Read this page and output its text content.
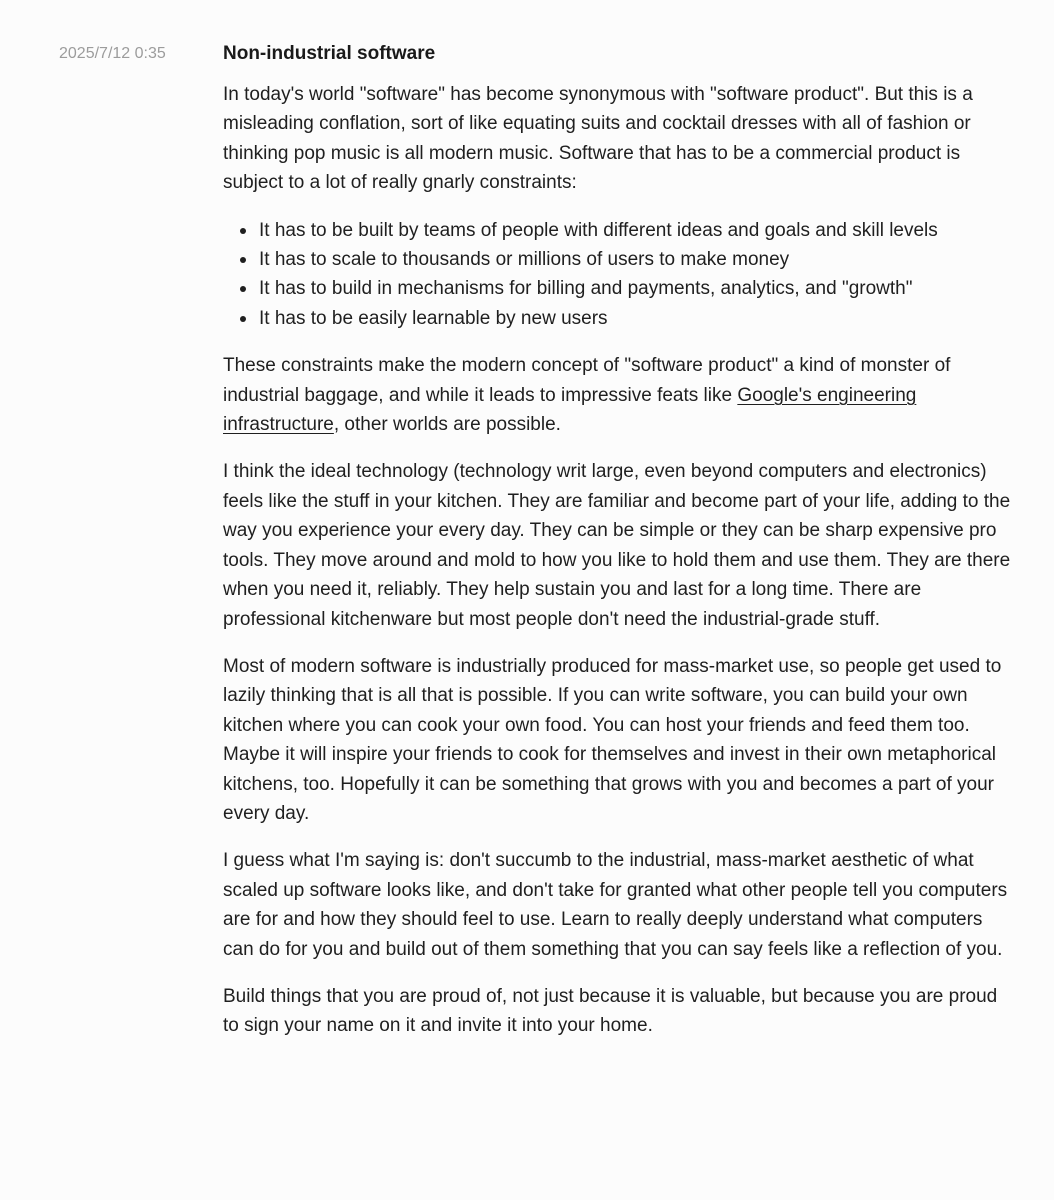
2025/7/12 0:35	Non-industrial software

In today's world "software" has become synonymous with "software product". But this is a misleading conflation, sort of like equating suits and cocktail dresses with all of fashion or thinking pop music is all modern music. Software that has to be a commercial product is subject to a lot of really gnarly constraints:

It has to be built by teams of people with different ideas and goals and skill levels
It has to scale to thousands or millions of users to make money
It has to build in mechanisms for billing and payments, analytics, and "growth"
It has to be easily learnable by new users

These constraints make the modern concept of "software product" a kind of monster of industrial baggage, and while it leads to impressive feats like Google's engineering infrastructure, other worlds are possible.

I think the ideal technology (technology writ large, even beyond computers and electronics) feels like the stuff in your kitchen. They are familiar and become part of your life, adding to the way you experience your every day. They can be simple or they can be sharp expensive pro tools. They move around and mold to how you like to hold them and use them. They are there when you need it, reliably. They help sustain you and last for a long time. There are professional kitchenware but most people don't need the industrial-grade stuff.

Most of modern software is industrially produced for mass-market use, so people get used to lazily thinking that is all that is possible. If you can write software, you can build your own kitchen where you can cook your own food. You can host your friends and feed them too. Maybe it will inspire your friends to cook for themselves and invest in their own metaphorical kitchens, too. Hopefully it can be something that grows with you and becomes a part of your every day.

I guess what I'm saying is: don't succumb to the industrial, mass-market aesthetic of what scaled up software looks like, and don't take for granted what other people tell you computers are for and how they should feel to use. Learn to really deeply understand what computers can do for you and build out of them something that you can say feels like a reflection of you.

Build things that you are proud of, not just because it is valuable, but because you are proud to sign your name on it and invite it into your home.
